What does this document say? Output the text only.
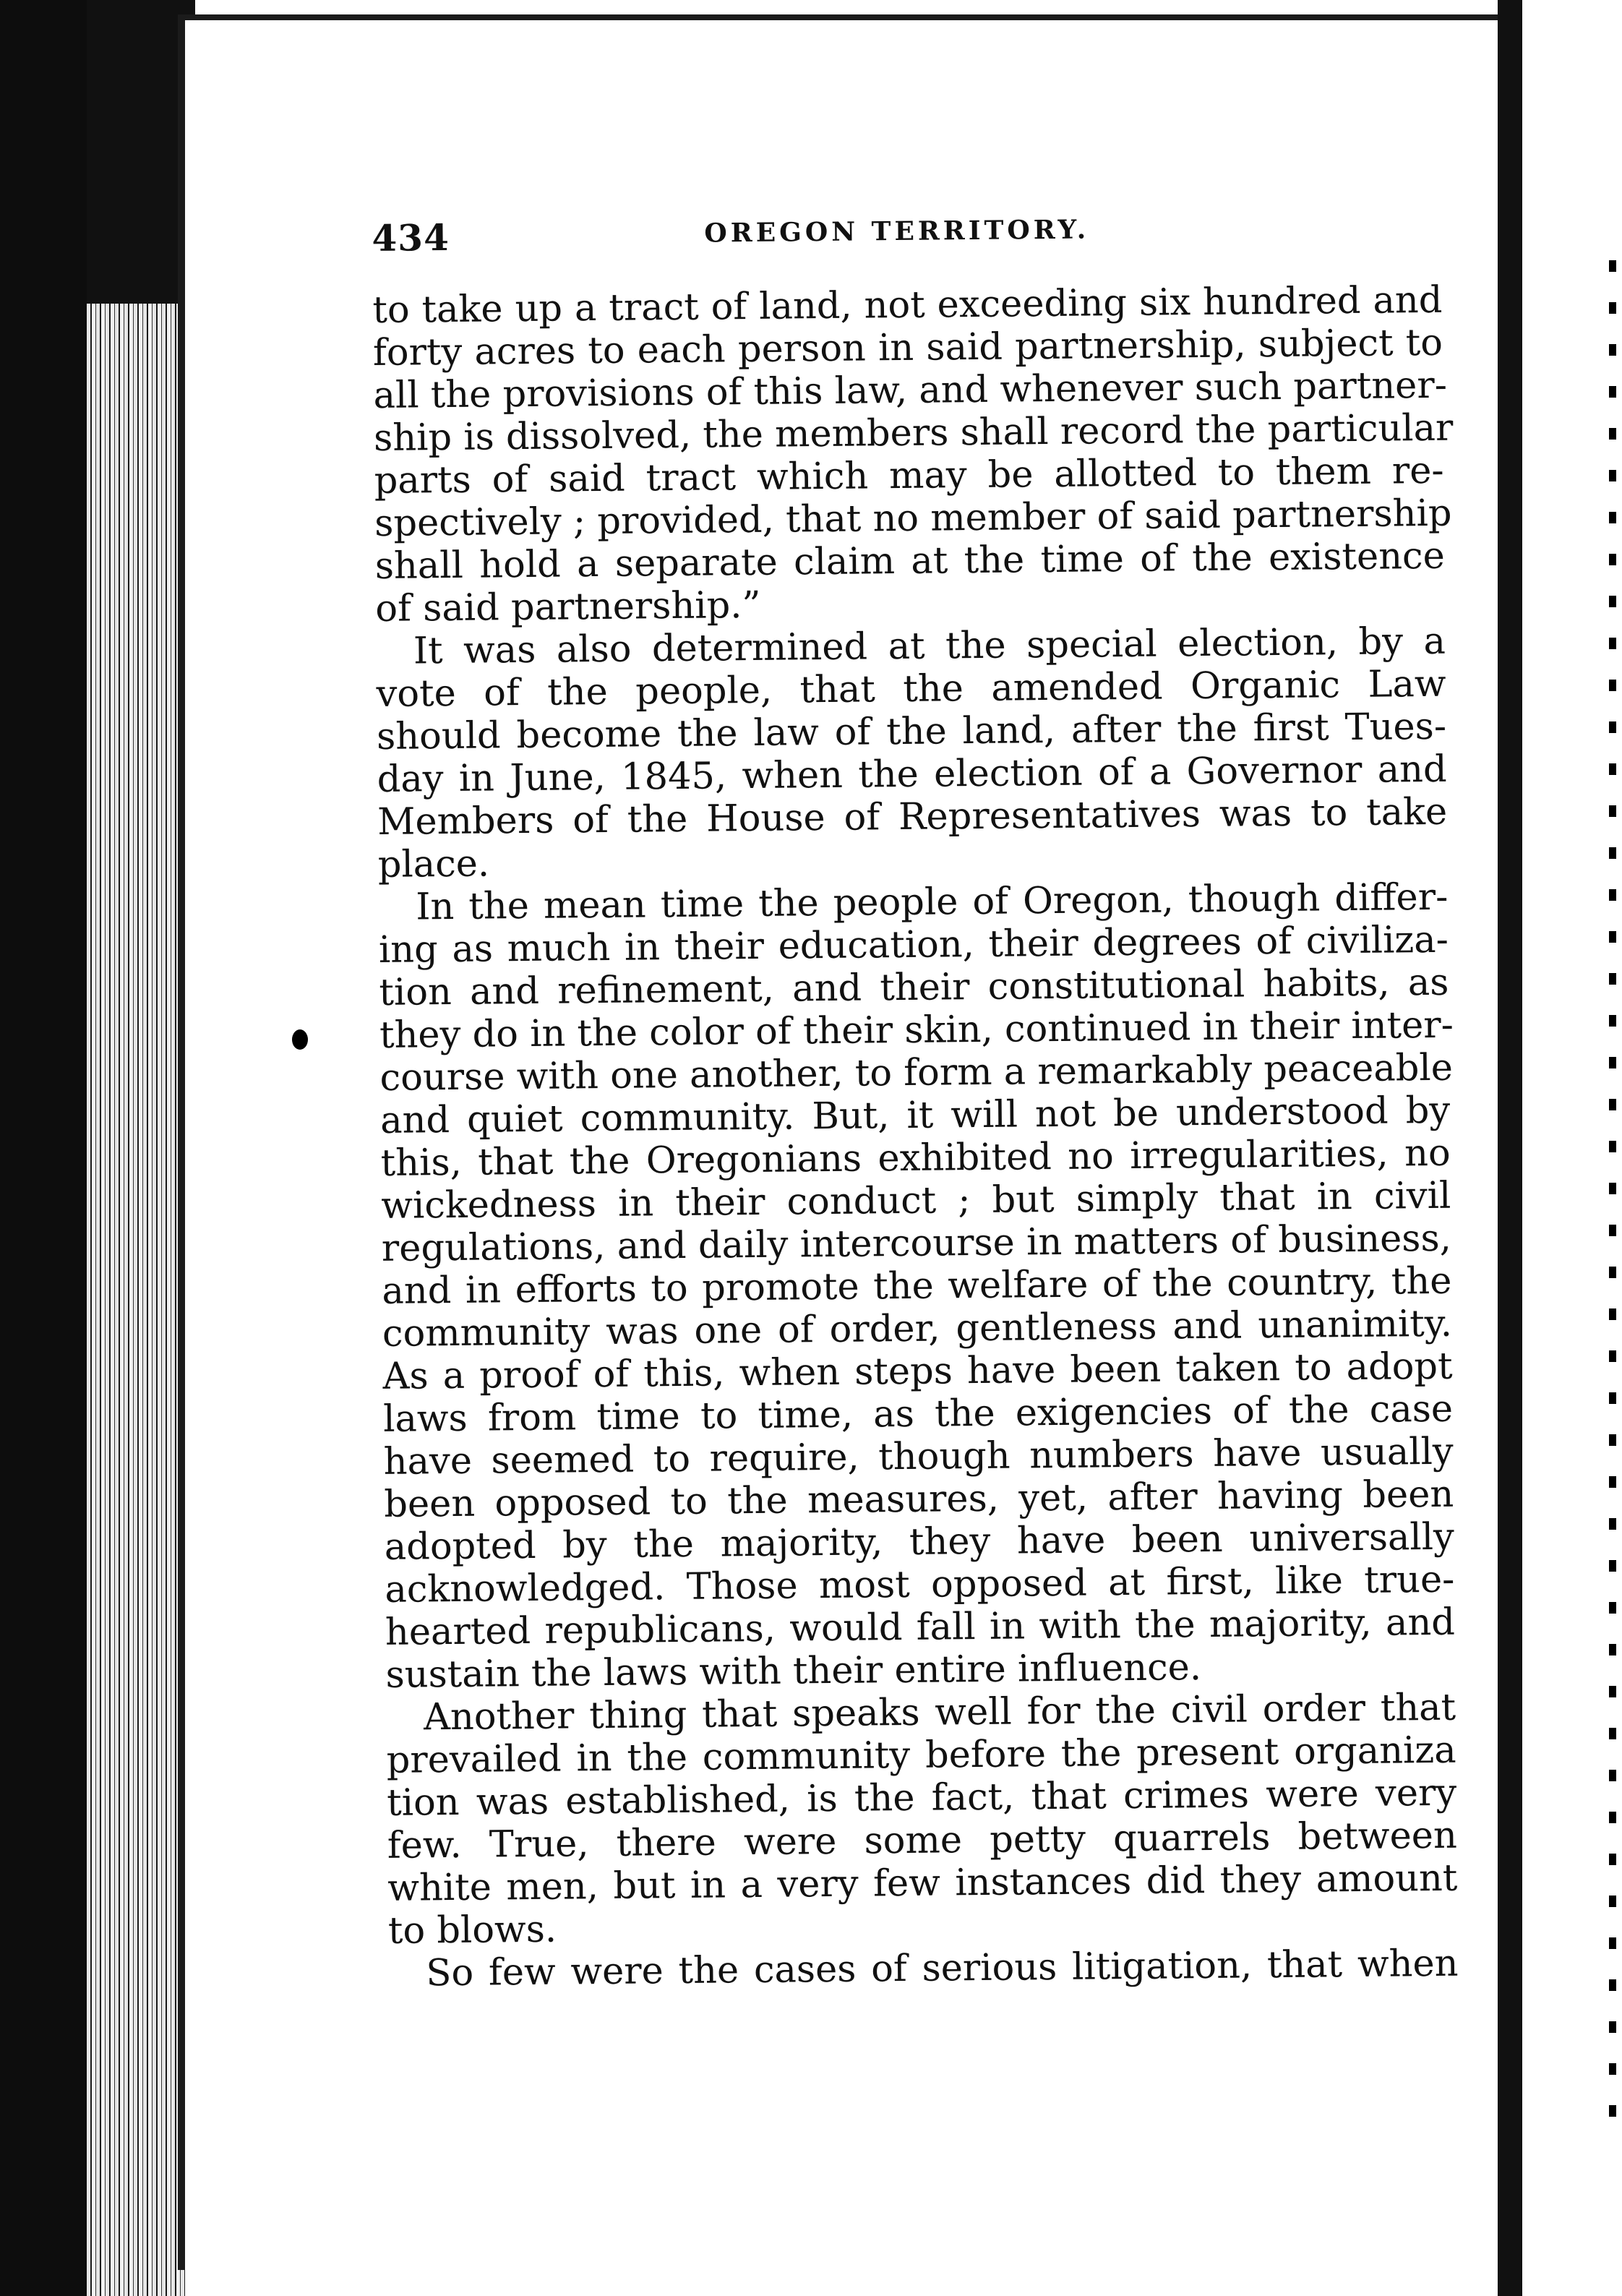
434	OREGON TERRITORY.
to take up a tract of land, not exceeding six hundred and
forty acres to each person in said partnership, subject to
all the provisions of this law, and whenever such partner-
ship is dissolved, the members shall record the particular
parts of said tract which may be allotted to them re-
spectively ; provided, that no member of said partnership
shall hold a separate claim at the time of the existence
of said partnership.”
It was also determined at the special election, by a
vote of the people, that the amended Organic Law
should become the law of the land, after the first Tues-
day in June, 1845, when the election of a Governor and
Members of the House of Representatives was to take
place.
In the mean time the people of Oregon, though differ-
ing as much in their education, their degrees of civiliza-
tion and refinement, and their constitutional habits, as
they do in the color of their skin, continued in their inter-
course with one another, to form a remarkably peaceable
and quiet community. But, it will not be understood by
this, that the Oregonians exhibited no irregularities, no
wickedness in their conduct ; but simply that in civil
regulations, and daily intercourse in matters of business,
and in efforts to promote the welfare of the country, the
community was one of order, gentleness and unanimity.
As a proof of this, when steps have been taken to adopt
laws from time to time, as the exigencies of the case
have seemed to require, though numbers have usually
been opposed to the measures, yet, after having been
adopted by the majority, they have been universally
acknowledged. Those most opposed at first, like true-
hearted republicans, would fall in with the majority, and
sustain the laws with their entire influence.
Another thing that speaks well for the civil order that
prevailed in the community before the present organiza
tion was established, is the fact, that crimes were very
few. True, there were some petty quarrels between
white men, but in a very few instances did they amount
to blows.
So few were the cases of serious litigation, that when
